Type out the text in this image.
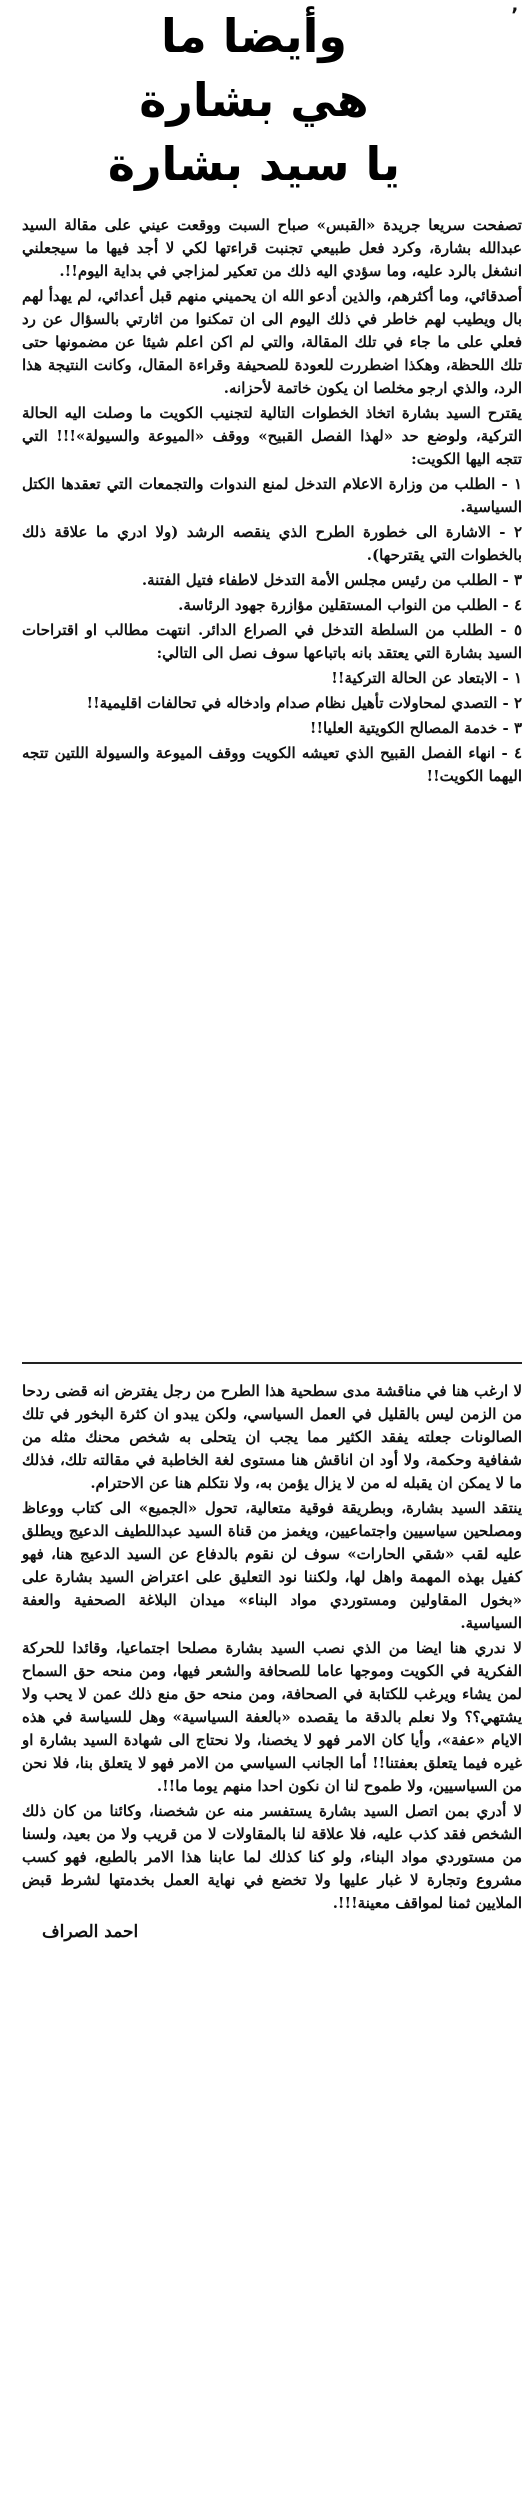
٬
وأيضا ما
هي بشارة
يا سيد بشارة

تصفحت سريعا جريدة «القبس» صباح السبت ووقعت عيني على مقالة السيد عبدالله بشارة، وكرد فعل طبيعي تجنبت قراءتها لكي لا أجد فيها ما سيجعلني انشغل بالرد عليه، وما سؤدي اليه ذلك من تعكير لمزاجي في بداية اليوم!!.

أصدقائي، وما أكثرهم، والذين أدعو الله ان يحميني منهم قبل أعدائي، لم يهدأ لهم بال ويطيب لهم خاطر في ذلك اليوم الى ان تمكنوا من اثارتي بالسؤال عن رد فعلي على ما جاء في تلك المقالة، والتي لم اكن اعلم شيئا عن مضمونها حتى تلك اللحظة، وهكذا اضطررت للعودة للصحيفة وقراءة المقال، وكانت النتيجة هذا الرد، والذي ارجو مخلصا ان يكون خاتمة لأحزانه.

يقترح السيد بشارة اتخاذ الخطوات التالية لتجنيب الكويت ما وصلت اليه الحالة التركية، ولوضع حد «لهذا الفصل القبيح» ووقف «الميوعة والسيولة»!!! التي تتجه اليها الكويت:

١ - الطلب من وزارة الاعلام التدخل لمنع الندوات والتجمعات التي تعقدها الكتل السياسية.

٢ - الاشارة الى خطورة الطرح الذي ينقصه الرشد (ولا ادري ما علاقة ذلك بالخطوات التي يقترحها).

٣ - الطلب من رئيس مجلس الأمة التدخل لاطفاء فتيل الفتنة.

٤ - الطلب من النواب المستقلين مؤازرة جهود الرئاسة.

٥ - الطلب من السلطة التدخل في الصراع الدائر. انتهت مطالب او اقتراحات السيد بشارة التي يعتقد بانه باتباعها سوف نصل الى التالي:

١ - الابتعاد عن الحالة التركية!!

٢ - التصدي لمحاولات تأهيل نظام صدام وادخاله في تحالفات اقليمية!!

٣ - خدمة المصالح الكويتية العليا!!

٤ - انهاء الفصل القبيح الذي تعيشه الكويت ووقف الميوعة والسيولة اللتين تتجه اليهما الكويت!!

لا ارغب هنا في مناقشة مدى سطحية هذا الطرح من رجل يفترض انه قضى ردحا من الزمن ليس بالقليل في العمل السياسي، ولكن يبدو ان كثرة البخور في تلك الصالونات جعلته يفقد الكثير مما يجب ان يتحلى به شخص محنك مثله من شفافية وحكمة، ولا أود ان اناقش هنا مستوى لغة الخاطبة في مقالته تلك، فذلك ما لا يمكن ان يقبله له من لا يزال يؤمن به، ولا نتكلم هنا عن الاحترام.

ينتقد السيد بشارة، وبطريقة فوقية متعالية، تحول «الجميع» الى كتاب ووعاظ ومصلحين سياسيين واجتماعيين، ويغمز من قناة السيد عبداللطيف الدعيج ويطلق عليه لقب «شقي الحارات» سوف لن نقوم بالدفاع عن السيد الدعيج هنا، فهو كفيل بهذه المهمة واهل لها، ولكننا نود التعليق على اعتراض السيد بشارة على «بخول المقاولين ومستوردي مواد البناء» ميدان البلاغة الصحفية والعفة السياسية.

لا ندري هنا ايضا من الذي نصب السيد بشارة مصلحا اجتماعيا، وقائدا للحركة الفكرية في الكويت وموجها عاما للصحافة والشعر فيها، ومن منحه حق السماح لمن يشاء ويرغب للكتابة في الصحافة، ومن منحه حق منع ذلك عمن لا يحب ولا يشتهي؟؟ ولا نعلم بالدقة ما يقصده «بالعفة السياسية» وهل للسياسة في هذه الايام «عفة»، وأيا كان الامر فهو لا يخصنا، ولا نحتاج الى شهادة السيد بشارة او غيره فيما يتعلق بعفتنا!! أما الجانب السياسي من الامر فهو لا يتعلق بنا، فلا نحن من السياسيين، ولا طموح لنا ان نكون احدا منهم يوما ما!!.

لا أدري بمن اتصل السيد بشارة يستفسر منه عن شخصنا، وكائنا من كان ذلك الشخص فقد كذب عليه، فلا علاقة لنا بالمقاولات لا من قريب ولا من بعيد، ولسنا من مستوردي مواد البناء، ولو كنا كذلك لما عابنا هذا الامر بالطبع، فهو كسب مشروع وتجارة لا غبار عليها ولا تخضع في نهاية العمل بخدمتها لشرط قبض الملايين ثمنا لمواقف معينة!!!.

احمد الصراف
